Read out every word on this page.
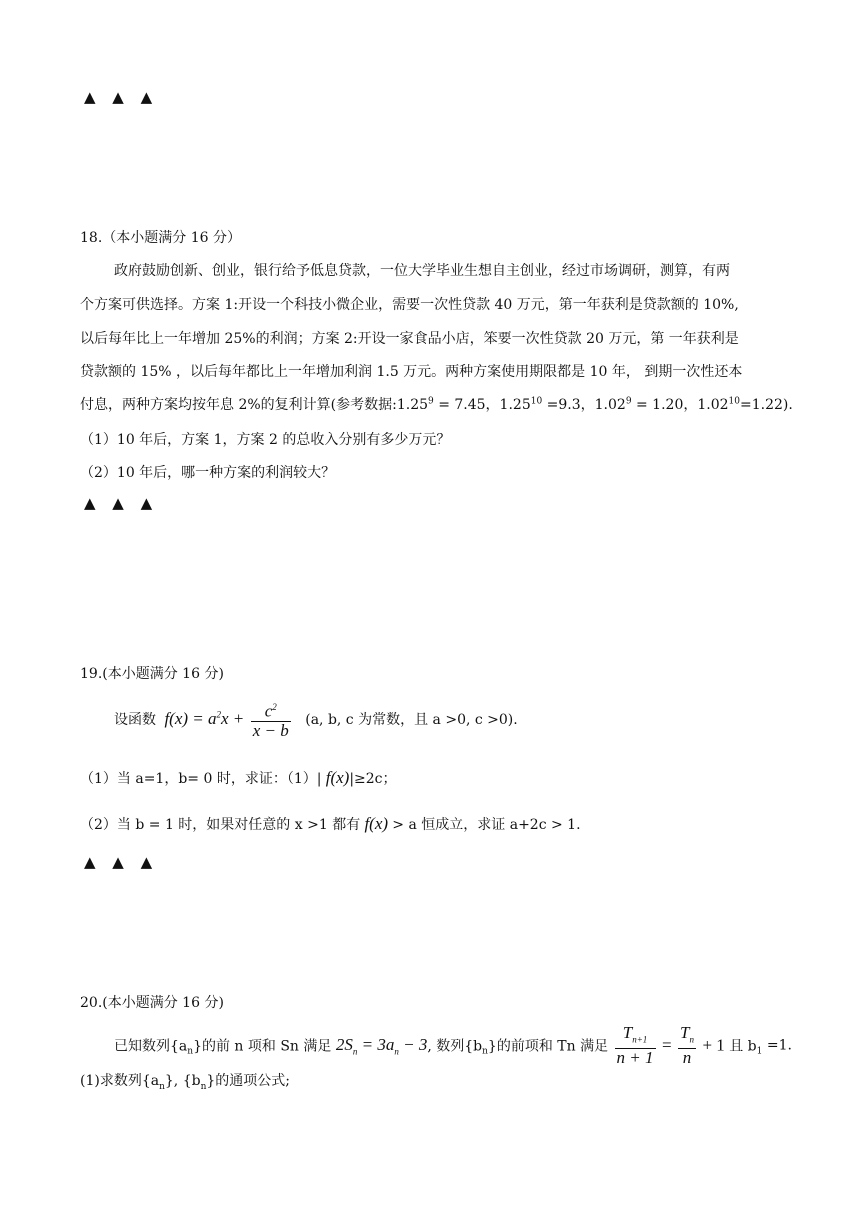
▲ ▲ ▲
18.（本小题满分 16 分）
政府鼓励创新、创业，银行给予低息贷款，一位大学毕业生想自主创业，经过市场调研，测算，有两
个方案可供选择。方案 1:开设一个科技小微企业，需要一次性贷款 40 万元，第一年获利是贷款额的 10%,
以后每年比上一年增加 25%的利润；方案 2:开设一家食品小店，笨要一次性贷款 20 万元，第 一年获利是
贷款额的 15% ，以后每年都比上一年增加利润 1.5 万元。两种方案使用期限都是 10 年， 到期一次性还本
付息，两种方案均按年息 2%的复利计算(参考数据$:1.25^9 = 7.45$，$1.25^{10} =9.3$，$1.02^9 = 1.20$，$1.02^{10}=1.22$).
（1）10 年后，方案 1，方案 2 的总收入分别有多少万元？
（2）10 年后，哪一种方案的利润较大？
▲ ▲ ▲
19.(本小题满分 16 分)
设函数 $f(x) = a^2x + \frac{c^2}{x - b} (a$, b, c 为常数，且 a >0, c >0).
（1）当 a=1，b= 0 时，求证：（1）| f(x)|≥2c；
（2）当 b = 1 时，如果对任意的 x >1 都有 f(x) > a 恒成立，求证 a+2c > 1.
▲ ▲ ▲
20.(本小题满分 16 分)
已知数列$\{a_n\}$的前 n 项和 Sn 满足 $2S_n = 3a_n - 3$, 数列$\{b_n\}$的前项和 Tn 满足 $\frac{T_{n+1}}{n + 1} = \frac{T_n}{n} + 1$ 且 $b_1 =1$.
(1)求数列$\{a_n\}$, $\{b_n\}$的通项公式;
